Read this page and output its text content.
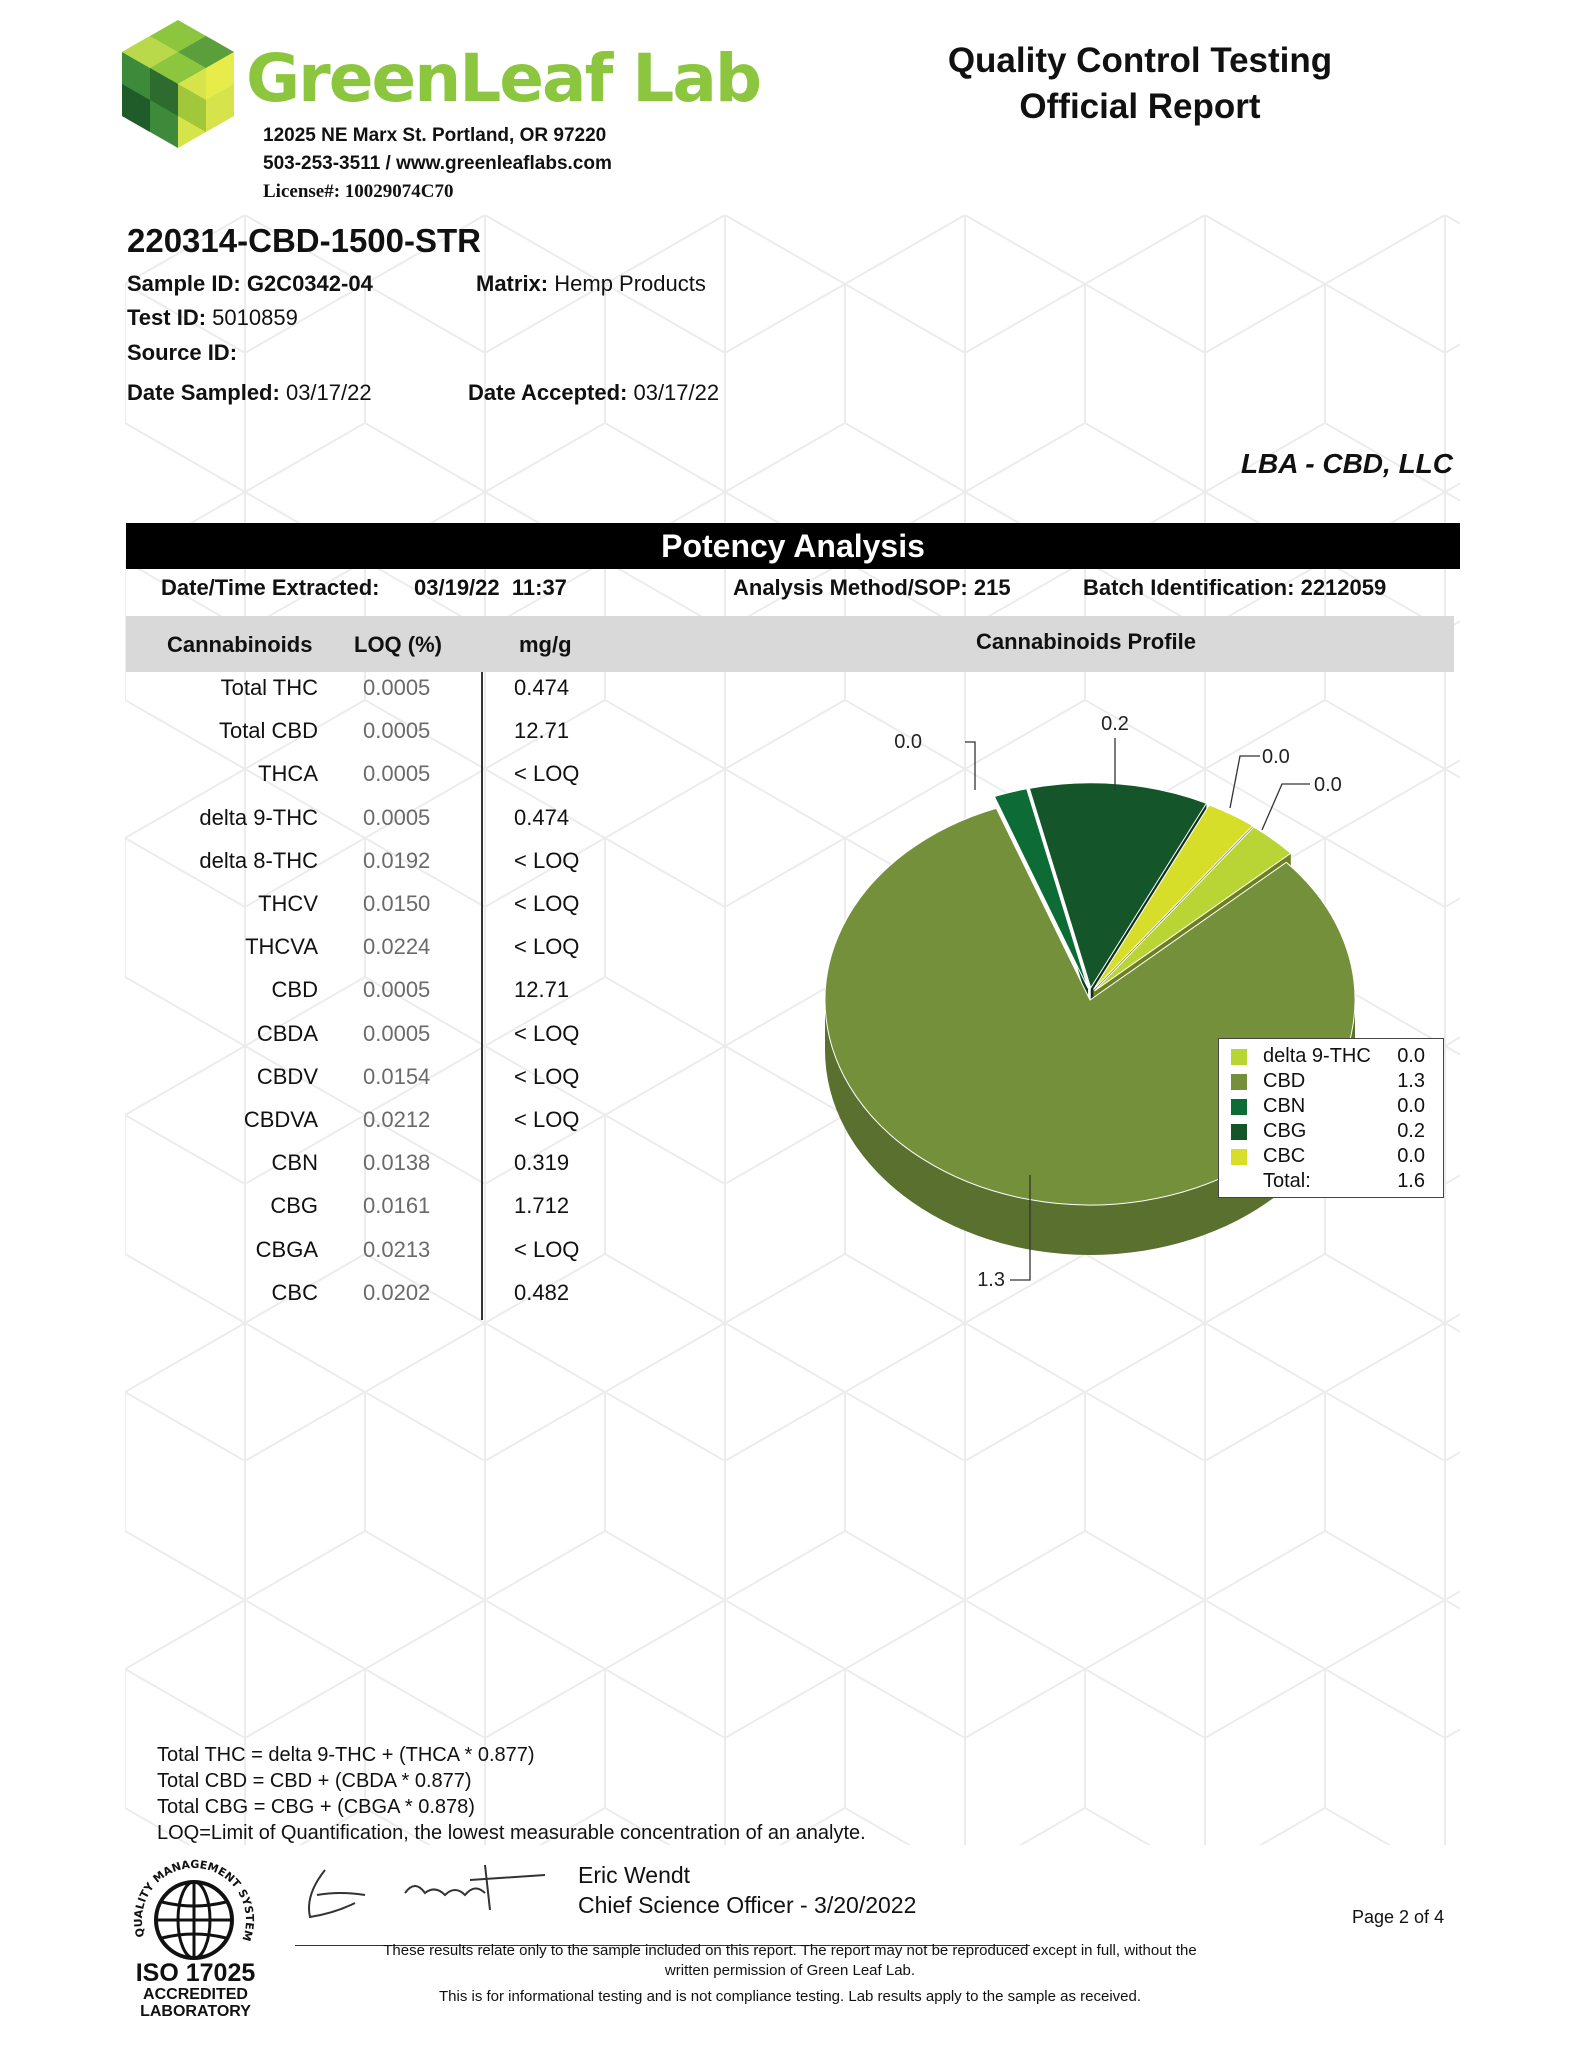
GreenLeaf Lab
12025 NE Marx St. Portland, OR 97220
503-253-3511 / www.greenleaflabs.com
License#: 10029074C70
Quality Control Testing
Official Report
220314-CBD-1500-STR
Sample ID: G2C0342-04	Matrix: Hemp Products
Test ID: 5010859
Source ID:
Date Sampled: 03/17/22	Date Accepted: 03/17/22
LBA - CBD, LLC
Potency Analysis
Date/Time Extracted: 03/19/22  11:37	Analysis Method/SOP: 215	Batch Identification: 2212059
Cannabinoids LOQ (%)	mg/g	Cannabinoids Profile
Total THC 0.0005	0.474
Total CBD 0.0005	12.71
THCA 0.0005	< LOQ
delta 9-THC 0.0005	0.474
delta 8-THC 0.0192	< LOQ
THCV 0.0150	< LOQ
THCVA 0.0224	< LOQ
CBD 0.0005	12.71
CBDA 0.0005	< LOQ
CBDV 0.0154	< LOQ
CBDVA 0.0212	< LOQ
CBN 0.0138	0.319
CBG 0.0161	1.712
CBGA 0.0213	< LOQ
CBC 0.0202	0.482
0.0
1.3
0.0
0.2
0.0
delta 9-THC 0.0
CBD	1.3
CBN	0.0
CBG	0.2
CBC	0.0
Total:	1.6
Total THC = delta 9-THC + (THCA * 0.877)
Total CBD = CBD + (CBDA * 0.877)
Total CBG = CBG + (CBGA * 0.878)
LOQ=Limit of Quantification, the lowest measurable concentration of an analyte.
QUALITY MANAGEMENT SYSTEM
ISO 17025
ACCREDITED
LABORATORY
Eric Wendt
Chief Science Officer - 3/20/2022
These results relate only to the sample included on this report. The report may not be reproduced except in full, without the
written permission of Green Leaf Lab.
This is for informational testing and is not compliance testing. Lab results apply to the sample as received.
Page 2 of 4
